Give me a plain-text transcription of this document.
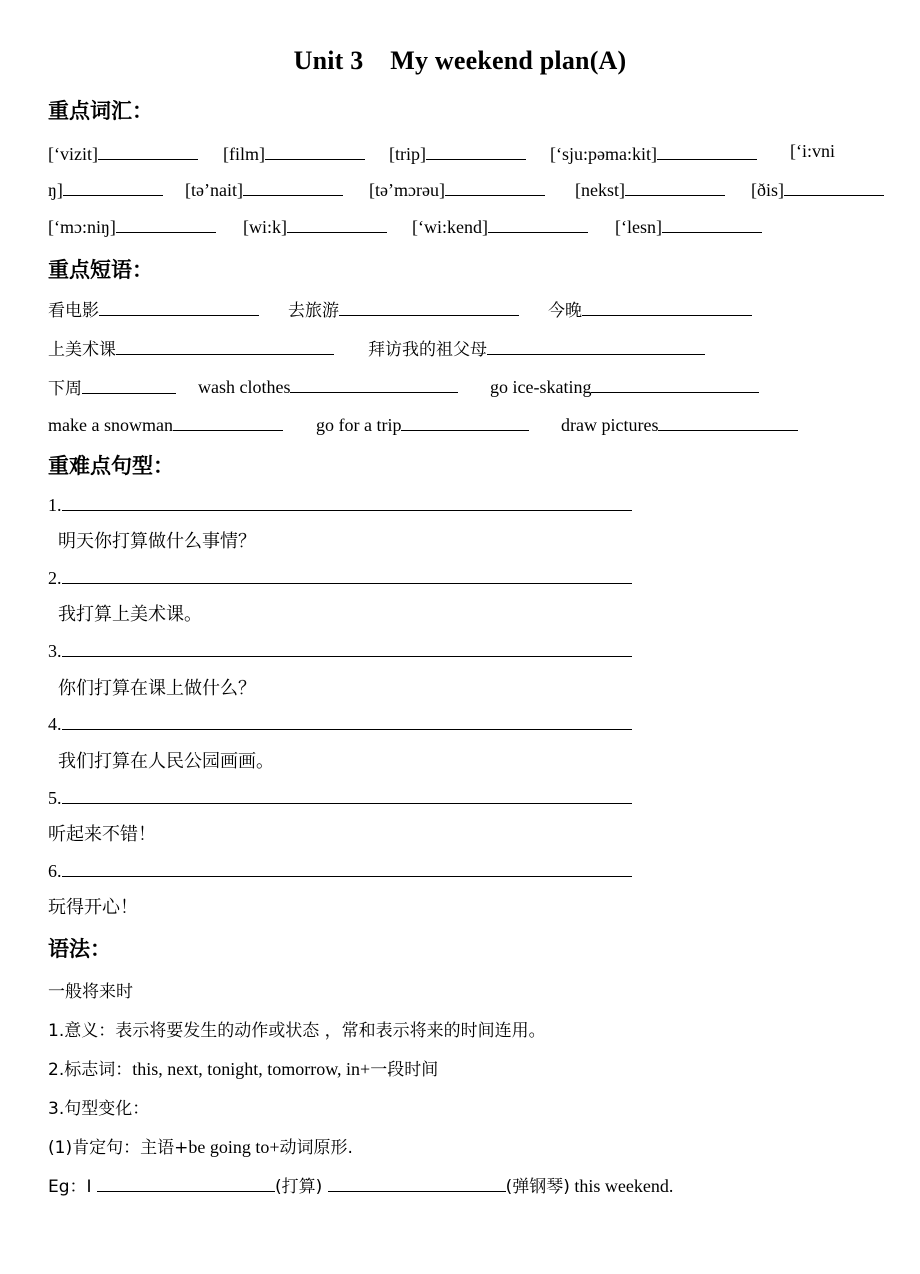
Unit 3 My weekend plan(A)
重点词汇：
[‘vizit]	[film]	[trip]	[‘sju:pəma:kit]	[‘i:vni
ŋ]	[tə’nait]	[tə’mɔrəu]	[nekst]	[ðis]
[‘mɔ:niŋ]	[wi:k]	[‘wi:kend]	[‘lesn]
重点短语：
看电影	去旅游	今晚
上美术课	拜访我的祖父母
下周	wash clothes	go ice-skating
make a snowman	go for a trip	draw pictures
重难点句型：
1.
明天你打算做什么事情？
2.
我打算上美术课。
3.
你们打算在课上做什么？
4.
我们打算在人民公园画画。
5.
听起来不错！
6.
玩得开心！
语法：
一般将来时
1.意义：表示将要发生的动作或状态 ，常和表示将来的时间连用。
2.标志词：this, next, tonight, tomorrow, in+一段时间
3.句型变化：
(1)肯定句：主语+be going to+动词原形.
Eg：I	(打算)	(弹钢琴) this weekend.
